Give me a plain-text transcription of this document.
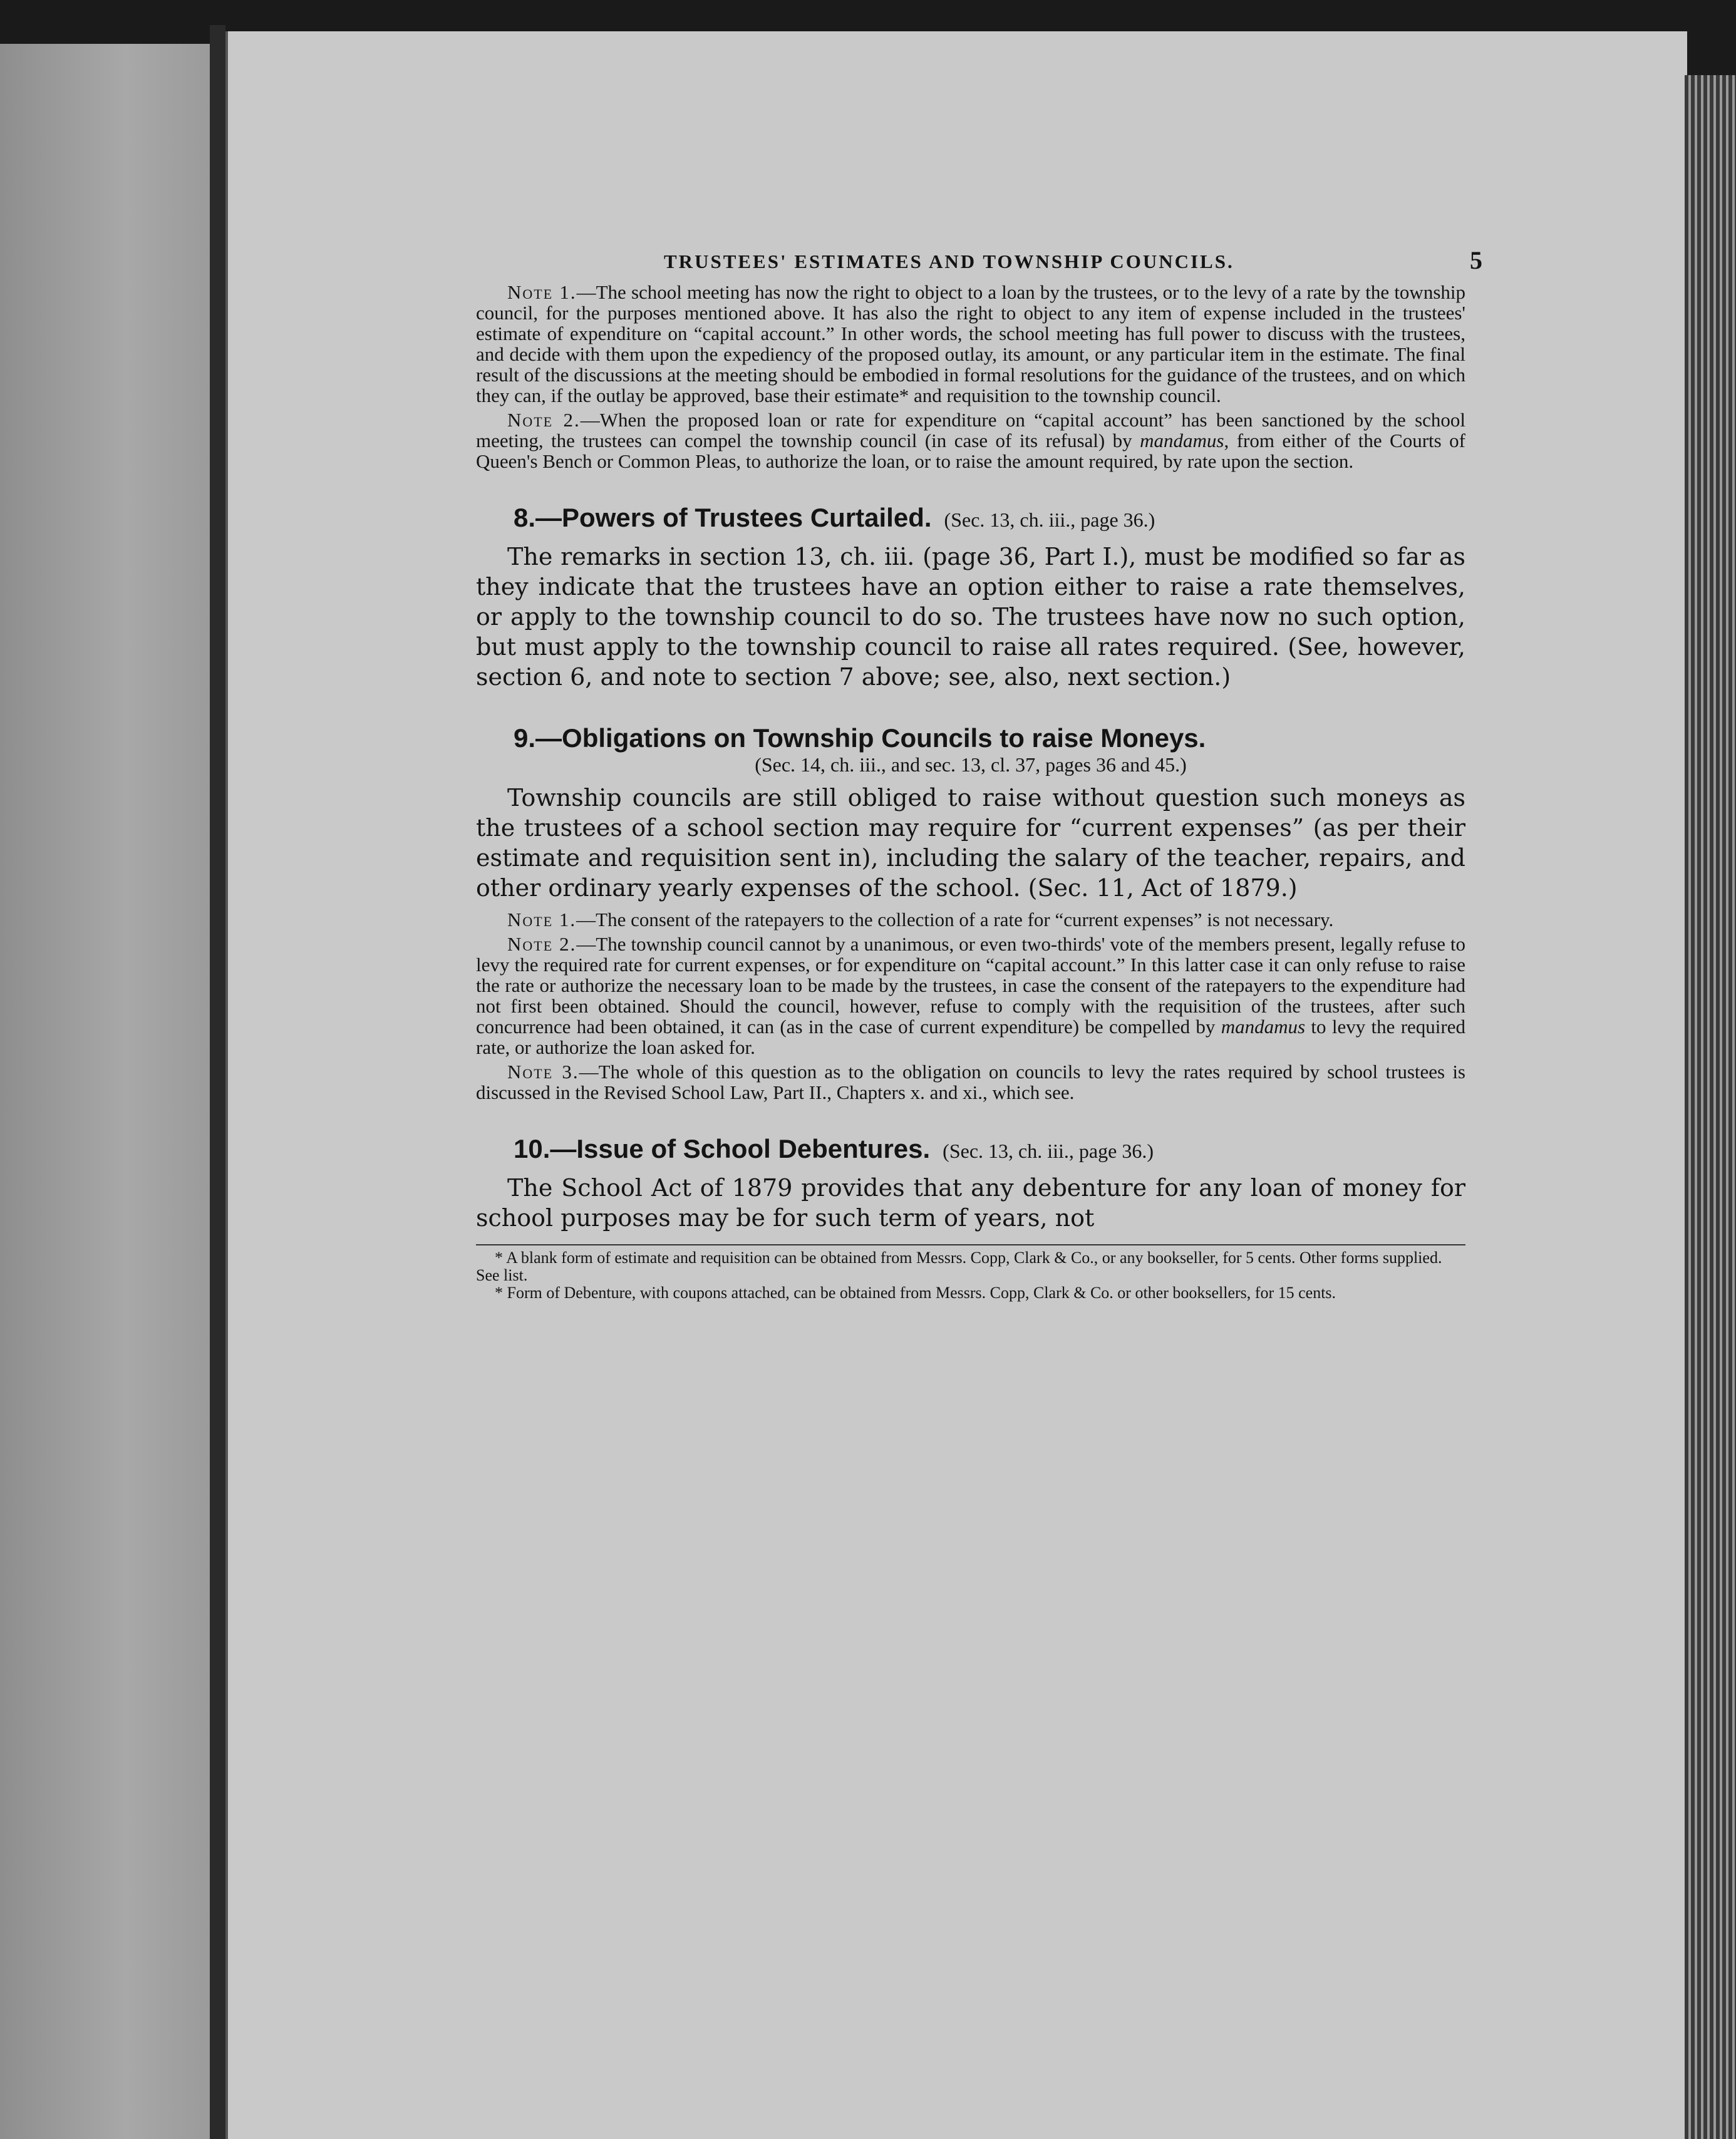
TRUSTEES' ESTIMATES AND TOWNSHIP COUNCILS.	5

Note 1.—The school meeting has now the right to object to a loan by the trustees, or to the levy of a rate by the township council, for the purposes mentioned above. It has also the right to object to any item of expense included in the trustees' estimate of expenditure on “capital account.” In other words, the school meeting has full power to discuss with the trustees, and decide with them upon the expediency of the proposed outlay, its amount, or any particular item in the estimate. The final result of the discussions at the meeting should be embodied in formal resolutions for the guidance of the trustees, and on which they can, if the outlay be approved, base their estimate* and requisition to the township council.

Note 2.—When the proposed loan or rate for expenditure on “capital account” has been sanctioned by the school meeting, the trustees can compel the township council (in case of its refusal) by mandamus, from either of the Courts of Queen's Bench or Common Pleas, to authorize the loan, or to raise the amount required, by rate upon the section.

8.—Powers of Trustees Curtailed. (Sec. 13, ch. iii., page 36.)

The remarks in section 13, ch. iii. (page 36, Part I.), must be modified so far as they indicate that the trustees have an option either to raise a rate themselves, or apply to the township council to do so. The trustees have now no such option, but must apply to the township council to raise all rates required. (See, however, section 6, and note to section 7 above; see, also, next section.)

9.—Obligations on Township Councils to raise Moneys.
(Sec. 14, ch. iii., and sec. 13, cl. 37, pages 36 and 45.)

Township councils are still obliged to raise without question such moneys as the trustees of a school section may require for “current expenses” (as per their estimate and requisition sent in), including the salary of the teacher, repairs, and other ordinary yearly expenses of the school. (Sec. 11, Act of 1879.)

Note 1.—The consent of the ratepayers to the collection of a rate for “current expenses” is not necessary.

Note 2.—The township council cannot by a unanimous, or even two-thirds' vote of the members present, legally refuse to levy the required rate for current expenses, or for expenditure on “capital account.” In this latter case it can only refuse to raise the rate or authorize the necessary loan to be made by the trustees, in case the consent of the ratepayers to the expenditure had not first been obtained. Should the council, however, refuse to comply with the requisition of the trustees, after such concurrence had been obtained, it can (as in the case of current expenditure) be compelled by mandamus to levy the required rate, or authorize the loan asked for.

Note 3.—The whole of this question as to the obligation on councils to levy the rates required by school trustees is discussed in the Revised School Law, Part II., Chapters x. and xi., which see.

10.—Issue of School Debentures. (Sec. 13, ch. iii., page 36.)

The School Act of 1879 provides that any debenture for any loan of money for school purposes may be for such term of years, not

* A blank form of estimate and requisition can be obtained from Messrs. Copp, Clark & Co., or any bookseller, for 5 cents. Other forms supplied. See list.

* Form of Debenture, with coupons attached, can be obtained from Messrs. Copp, Clark & Co. or other booksellers, for 15 cents.
